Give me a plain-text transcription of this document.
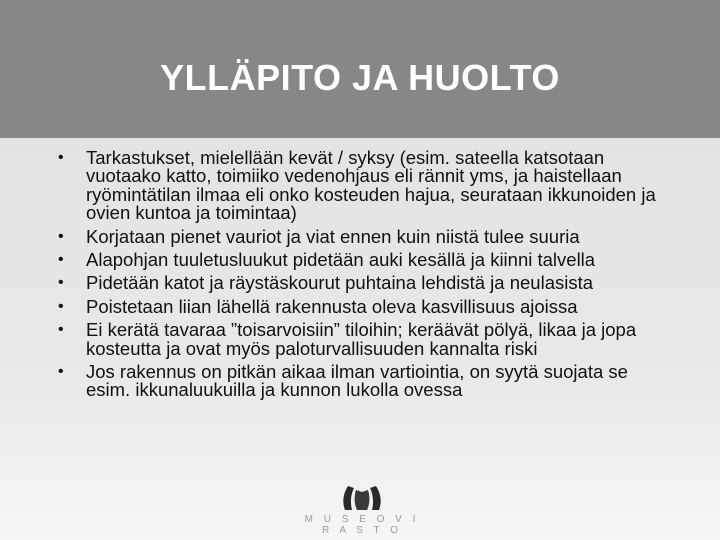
YLLÄPITO JA HUOLTO
• Tarkastukset, mielellään kevät / syksy (esim. sateella katsotaan vuotaako katto, toimiiko vedenohjaus eli rännit yms, ja haistellaan ryömintätilan ilmaa eli onko kosteuden hajua, seurataan ikkunoiden ja ovien kuntoa ja toimintaa)
• Korjataan pienet vauriot ja viat ennen kuin niistä tulee suuria
• Alapohjan tuuletusluukut pidetään auki kesällä ja kiinni talvella
• Pidetään katot ja räystäskourut puhtaina lehdistä ja neulasista
• Poistetaan liian lähellä rakennusta oleva kasvillisuus ajoissa
• Ei kerätä tavaraa ”toisarvoisiin” tiloihin; keräävät pölyä, likaa ja jopa kosteutta ja ovat myös paloturvallisuuden kannalta riski
• Jos rakennus on pitkän aikaa ilman vartiointia, on syytä suojata se esim. ikkunaluukuilla ja kunnon lukolla ovessa
M U S E O V I R A S T O
